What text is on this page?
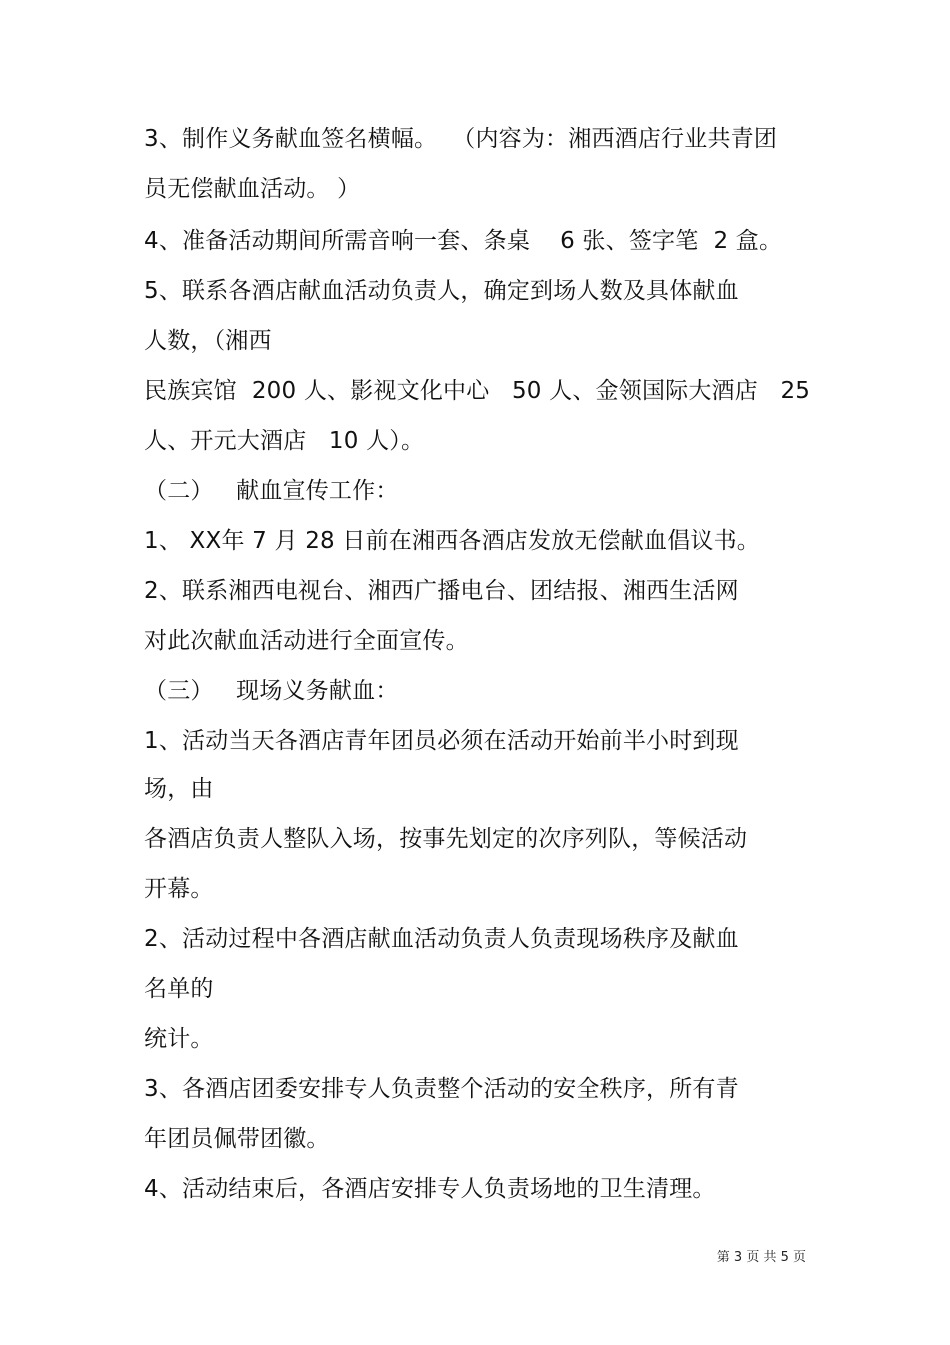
3、制作义务献血签名横幅。  （内容为：湘西酒店行业共青团
员无偿献血活动。 ）
4、准备活动期间所需音响一套、条桌    6 张、签字笔  2 盒。
5、联系各酒店献血活动负责人，确定到场人数及具体献血
人数，（湘西
民族宾馆  200 人、影视文化中心   50 人、金领国际大酒店   25
人、开元大酒店   10 人）。
（二）   献血宣传工作：
1、 XX年 7 月 28 日前在湘西各酒店发放无偿献血倡议书。
2、联系湘西电视台、湘西广播电台、团结报、湘西生活网
对此次献血活动进行全面宣传。
（三）   现场义务献血：
1、活动当天各酒店青年团员必须在活动开始前半小时到现
场，由
各酒店负责人整队入场，按事先划定的次序列队，等候活动
开幕。
2、活动过程中各酒店献血活动负责人负责现场秩序及献血
名单的
统计。
3、各酒店团委安排专人负责整个活动的安全秩序，所有青
年团员佩带团徽。
4、活动结束后，各酒店安排专人负责场地的卫生清理。
第 3 页 共 5 页
